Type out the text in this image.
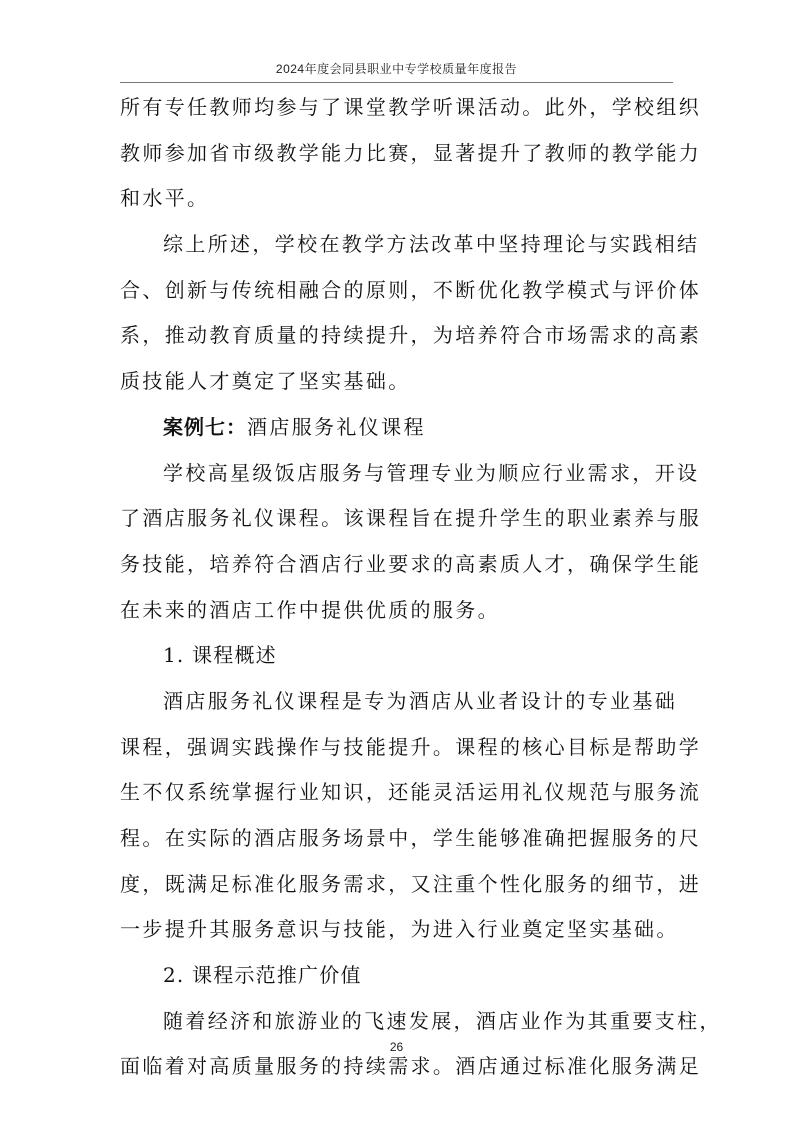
2024年度会同县职业中专学校质量年度报告
所有专任教师均参与了课堂教学听课活动。此外，学校组织
教师参加省市级教学能力比赛，显著提升了教师的教学能力
和水平。
综上所述，学校在教学方法改革中坚持理论与实践相结
合、创新与传统相融合的原则，不断优化教学模式与评价体
系，推动教育质量的持续提升，为培养符合市场需求的高素
质技能人才奠定了坚实基础。
案例七：酒店服务礼仪课程
学校高星级饭店服务与管理专业为顺应行业需求，开设
了酒店服务礼仪课程。该课程旨在提升学生的职业素养与服
务技能，培养符合酒店行业要求的高素质人才，确保学生能
在未来的酒店工作中提供优质的服务。
1. 课程概述
酒店服务礼仪课程是专为酒店从业者设计的专业基础
课程，强调实践操作与技能提升。课程的核心目标是帮助学
生不仅系统掌握行业知识，还能灵活运用礼仪规范与服务流
程。在实际的酒店服务场景中，学生能够准确把握服务的尺
度，既满足标准化服务需求，又注重个性化服务的细节，进
一步提升其服务意识与技能，为进入行业奠定坚实基础。
2. 课程示范推广价值
随着经济和旅游业的飞速发展，酒店业作为其重要支柱，
面临着对高质量服务的持续需求。酒店通过标准化服务满足
26
